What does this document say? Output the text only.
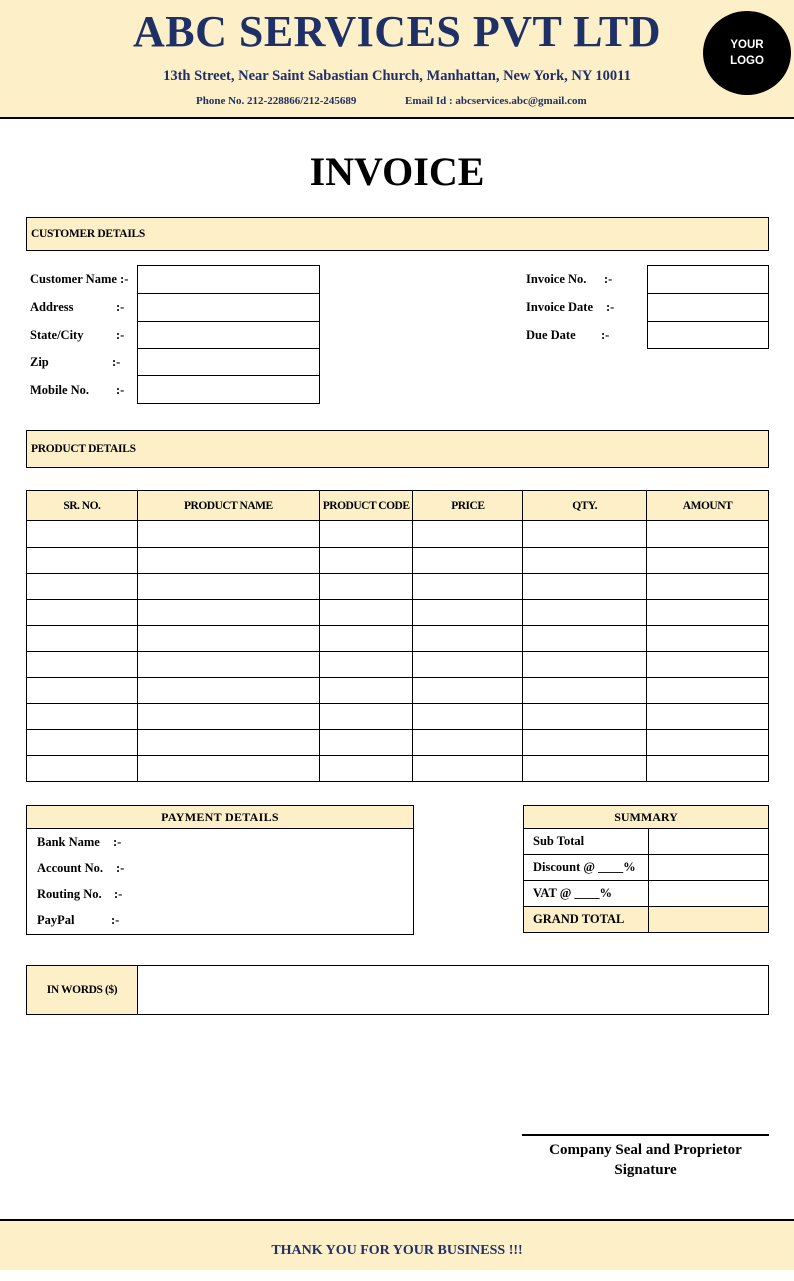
ABC SERVICES PVT LTD
13th Street, Near Saint Sabastian Church, Manhattan, New York, NY 10011
Phone No. 212-228866/212-245689	Email Id : abcservices.abc@gmail.com
YOUR LOGO
INVOICE
CUSTOMER DETAILS
Customer Name :-
Address	:-
State/City	:-
Zip	:-
Mobile No. :-
Invoice No. :-
Invoice Date :-
Due Date :-
PRODUCT DETAILS
SR. NO.	PRODUCT NAME	PRODUCT CODE	PRICE	QTY.	AMOUNT

PAYMENT DETAILS
Bank Name :-
Account No. :-
Routing No. :-
PayPal	:-
SUMMARY	
Sub Total	
Discount @ ____%	
VAT @ ____%	
GRAND TOTAL	
IN WORDS ($)
Company Seal and Proprietor
Signature
THANK YOU FOR YOUR BUSINESS !!!
